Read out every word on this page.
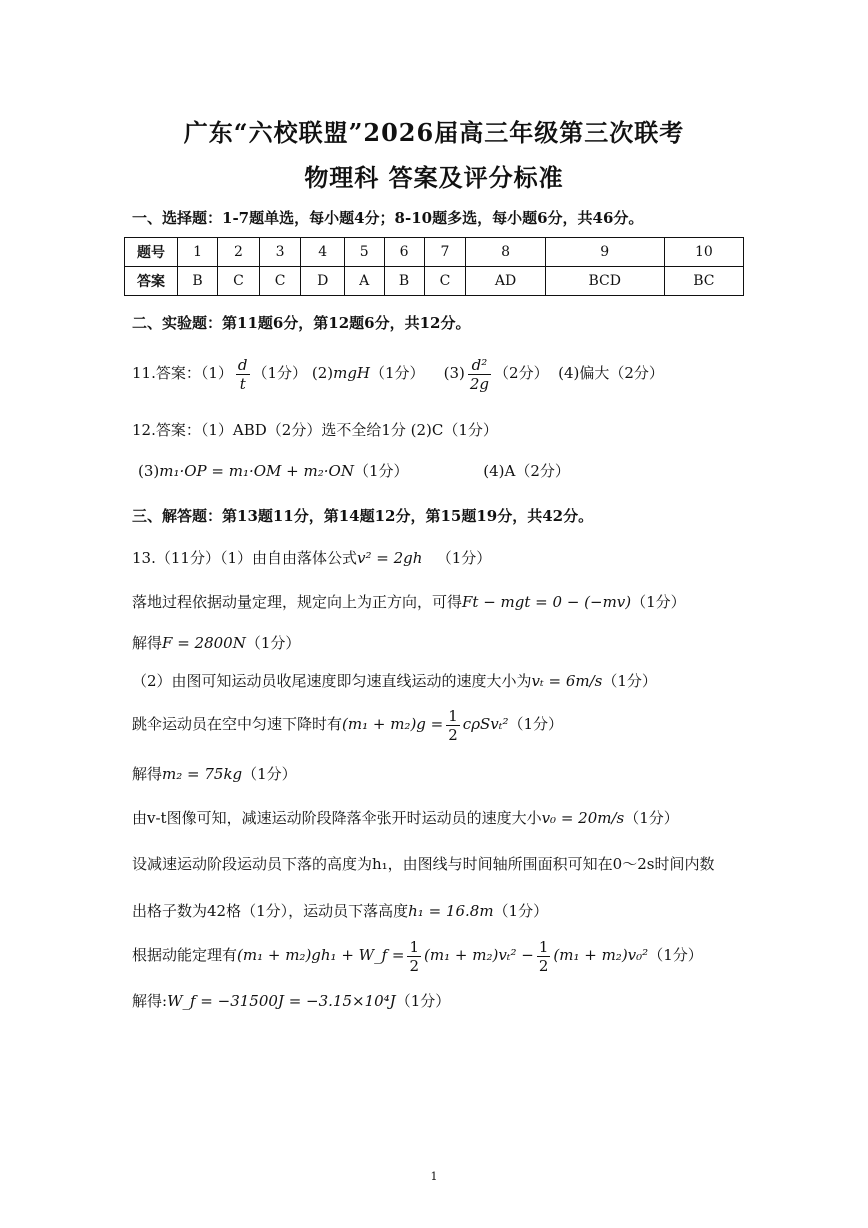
广东“六校联盟”2026届高三年级第三次联考
物理科 答案及评分标准
一、选择题：1-7题单选，每小题4分；8-10题多选，每小题6分，共46分。
题号	1	2	3	4	5	6	7	8	9	10
答案	B	C	C	D	A	B	C	AD	BCD	BC
二、实验题：第11题6分，第12题6分，共12分。
11.答案：$(1) \frac{d}{t} (1$分） (2)mgH（1分） $(3) \frac{\text{d²}}{2g} (2$分） (4)偏大（2分）
12.答案：（1）ABD（2分）选不全给1分 (2)C（1分）
(3)m₁·OP = m₁·OM + m₂·ON（1分）	(4)A（2分）
三、解答题：第13题11分，第14题12分，第15题19分，共42分。
13.（11分）（1）由自由落体公式v² = 2gh （1分）
落地过程依据动量定理，规定向上为正方向，可得Ft − mgt = 0 − (−mv)（1分）
解得F = 2800N（1分）
（2）由图可知运动员收尾速度即匀速直线运动的速度大小为vₜ = 6m/s（1分）
跳伞运动员在空中匀速下降时有$(m_1 + m_2)g = \frac{1}{2} c\rho Sv_t^2(1$分）
解得m₂ = 75kg（1分）
由v-t图像可知，减速运动阶段降落伞张开时运动员的速度大小v₀ = 20m/s（1分）
设减速运动阶段运动员下落的高度为h₁，由图线与时间轴所围面积可知在0～2s时间内数
出格子数为42格（1分），运动员下落高度h₁ = 16.8m（1分）
根据动能定理有(m₁ + m₂)gh₁ + W_f = $\frac{1}{2} (m_1 + m_2)v_t^2 - \frac{1}{2} (m_1 + m_2)v_0^2(1$分）
解得:W_f = −31500J = −3.15×10⁴J（1分）
1
